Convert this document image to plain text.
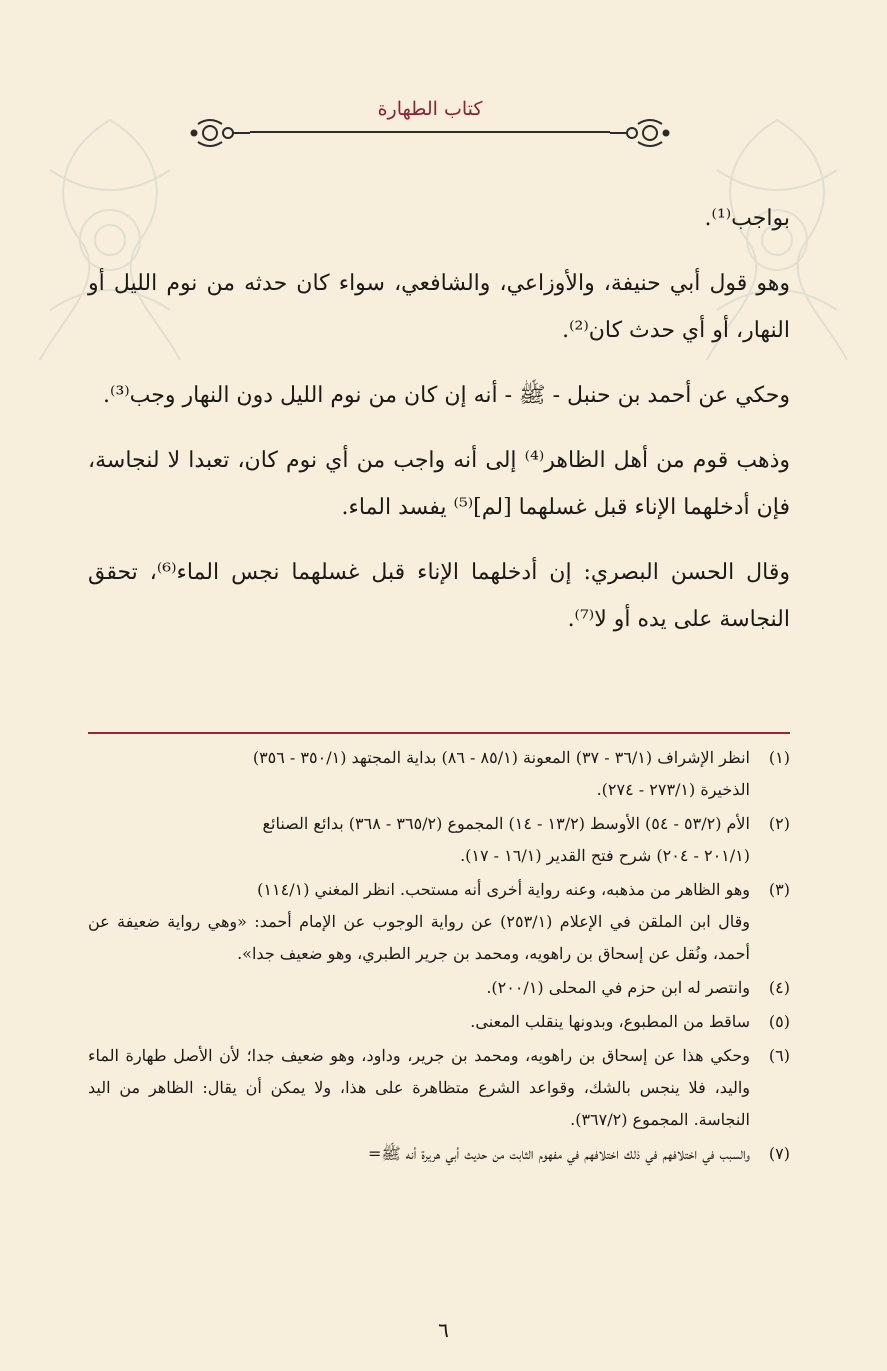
كتاب الطهارة

بواجب⁽¹⁾.

وهو قول أبي حنيفة، والأوزاعي، والشافعي، سواء كان حدثه من نوم الليل أو النهار، أو أي حدث كان⁽²⁾.

وحكي عن أحمد بن حنبل - ﷺ - أنه إن كان من نوم الليل دون النهار وجب⁽³⁾.

وذهب قوم من أهل الظاهر⁽⁴⁾ إلى أنه واجب من أي نوم كان، تعبدا لا لنجاسة، فإن أدخلهما الإناء قبل غسلهما [لم]⁽⁵⁾ يفسد الماء.

وقال الحسن البصري: إن أدخلهما الإناء قبل غسلهما نجس الماء⁽⁶⁾، تحقق النجاسة على يده أو لا⁽⁷⁾.

(١)
انظر الإشراف (٣٦/١ - ٣٧) المعونة (٨٥/١ - ٨٦) بداية المجتهد (٣٥٠/١ - ٣٥٦)
الذخيرة (٢٧٣/١ - ٢٧٤).
(٢)
الأم (٥٣/٢ - ٥٤) الأوسط (١٣/٢ - ١٤) المجموع (٣٦٥/٢ - ٣٦٨) بدائع الصنائع
(٢٠١/١ - ٢٠٤) شرح فتح القدير (١٦/١ - ١٧).
(٣)
وهو الظاهر من مذهبه، وعنه رواية أخرى أنه مستحب. انظر المغني (١١٤/١)
وقال ابن الملقن في الإعلام (٢٥٣/١) عن رواية الوجوب عن الإمام أحمد: «وهي رواية ضعيفة عن أحمد، ونُقل عن إسحاق بن راهويه، ومحمد بن جرير الطبري، وهو ضعيف جدا».
(٤)
وانتصر له ابن حزم في المحلى (٢٠٠/١).
(٥)
ساقط من المطبوع، وبدونها ينقلب المعنى.
(٦)
وحكي هذا عن إسحاق بن راهويه، ومحمد بن جرير، وداود، وهو ضعيف جدا؛ لأن الأصل طهارة الماء واليد، فلا ينجس بالشك، وقواعد الشرع متظاهرة على هذا، ولا يمكن أن يقال: الظاهر من اليد النجاسة. المجموع (٣٦٧/٢).
(٧)
والسبب في اختلافهم في ذلك اختلافهم في مفهوم الثابت من حديث أبي هريرة أنه ﷺ=
٦
